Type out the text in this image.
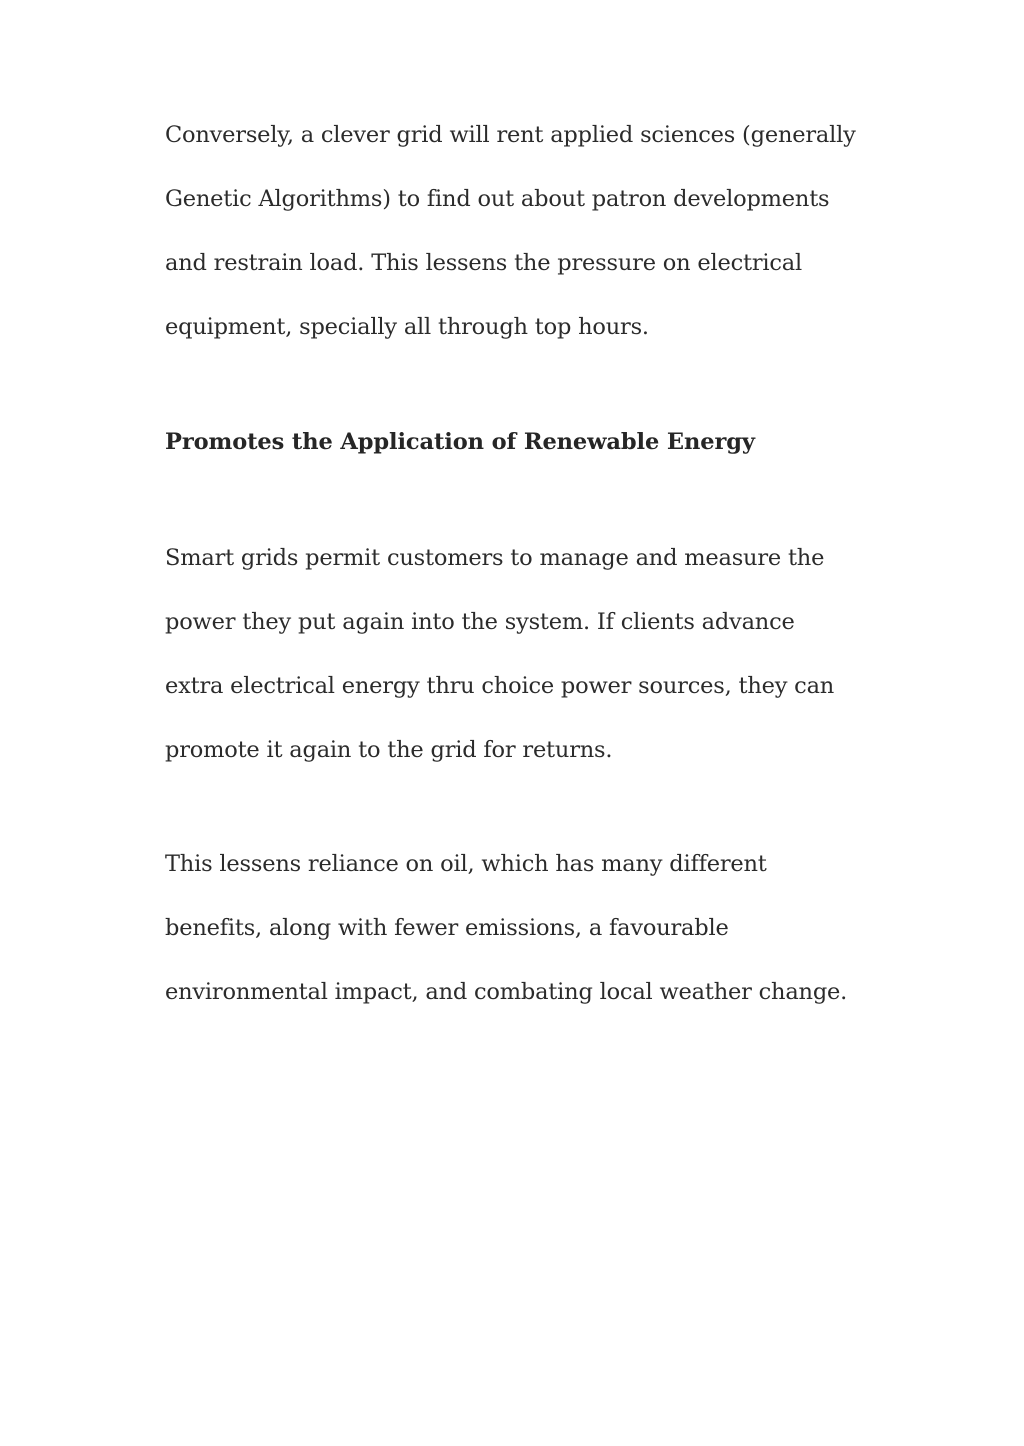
Conversely, a clever grid will rent applied sciences (generally
Genetic Algorithms) to find out about patron developments
and restrain load. This lessens the pressure on electrical
equipment, specially all through top hours.
Promotes the Application of Renewable Energy
Smart grids permit customers to manage and measure the
power they put again into the system. If clients advance
extra electrical energy thru choice power sources, they can
promote it again to the grid for returns.
This lessens reliance on oil, which has many different
benefits, along with fewer emissions, a favourable
environmental impact, and combating local weather change.
